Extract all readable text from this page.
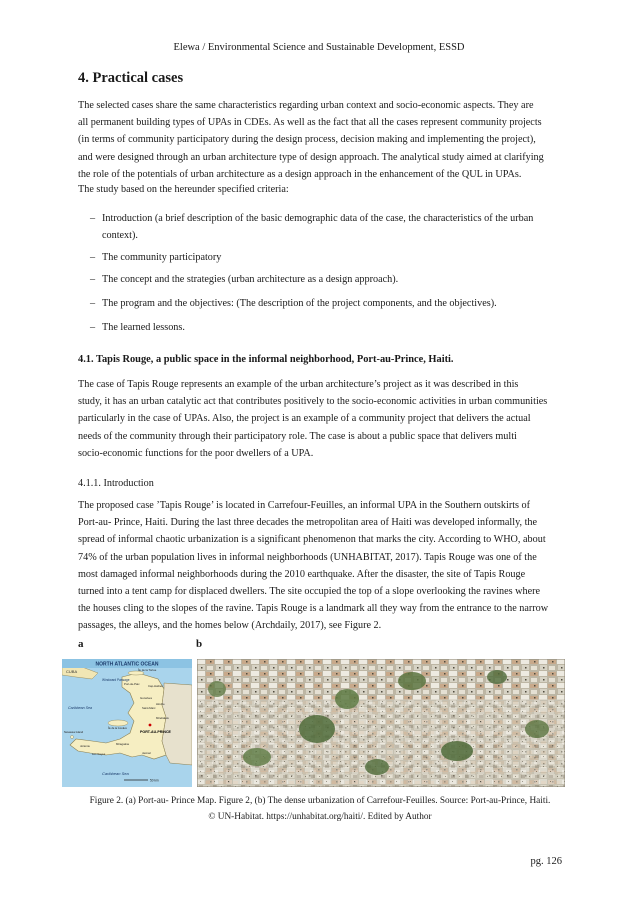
Elewa / Environmental Science and Sustainable Development, ESSD
4. Practical cases
The selected cases share the same characteristics regarding urban context and socio-economic aspects. They are
all permanent building types of UPAs in CDEs. As well as the fact that all the cases represent community projects
(in terms of community participatory during the design process, decision making and implementing the project),
and were designed through an urban architecture type of design approach. The analytical study aimed at clarifying
the role of the potentials of urban architecture as a design approach in the enhancement of the QUL in UPAs.
The study based on the hereunder specified criteria:
– Introduction (a brief description of the basic demographic data of the case, the characteristics of the urban
context).
– The community participatory
– The concept and the strategies (urban architecture as a design approach).
– The program and the objectives: (The description of the project components, and the objectives).
– The learned lessons.
4.1. Tapis Rouge, a public space in the informal neighborhood, Port-au-Prince, Haiti.
The case of Tapis Rouge represents an example of the urban architecture’s project as it was described in this
study, it has an urban catalytic act that contributes positively to the socio-economic activities in urban communities
particularly in the case of UPAs. Also, the project is an example of a community project that delivers the actual
needs of the community through their participatory role. The case is about a public space that delivers multi
socio-economic functions for the poor dwellers of a UPA.
4.1.1. Introduction
The proposed case ’Tapis Rouge’ is located in Carrefour-Feuilles, an informal UPA in the Southern outskirts of
Port-au- Prince, Haiti. During the last three decades the metropolitan area of Haiti was developed informally, the
spread of informal chaotic urbanization is a significant phenomenon that marks the city. According to WHO, about
74% of the urban population lives in informal neighborhoods (UNHABITAT, 2017). Tapis Rouge was one of the
most damaged informal neighborhoods during the 2010 earthquake. After the disaster, the site of Tapis Rouge
turned into a tent camp for displaced dwellers. The site occupied the top of a slope overlooking the ravines where
the houses cling to the slopes of the ravine. Tapis Rouge is a landmark all they way from the entrance to the narrow
passages, the alleys, and the homes below (Archdaily, 2017), see Figure 2.
a	b
NORTH ATLANTIC OCEAN
CUBA
Windward Passage
Caribbean Sea
Caribbean Sea
PORT-AU-PRINCE
Île de la Tortue
Port-de-Paix	Cap-Haïtien
Gonaïves
Saint-Marc
Hinche
Jérémie
Les Cayes	Jacmel
Miragoâne
Navassa Island
Île de la Gonâve
Mirebalais
50 km
Figure 2. (a) Port-au- Prince Map. Figure 2, (b) The dense urbanization of Carrefour-Feuilles. Source: Port-au-Prince, Haiti.
© UN-Habitat. https://unhabitat.org/haiti/. Edited by Author
pg. 126
